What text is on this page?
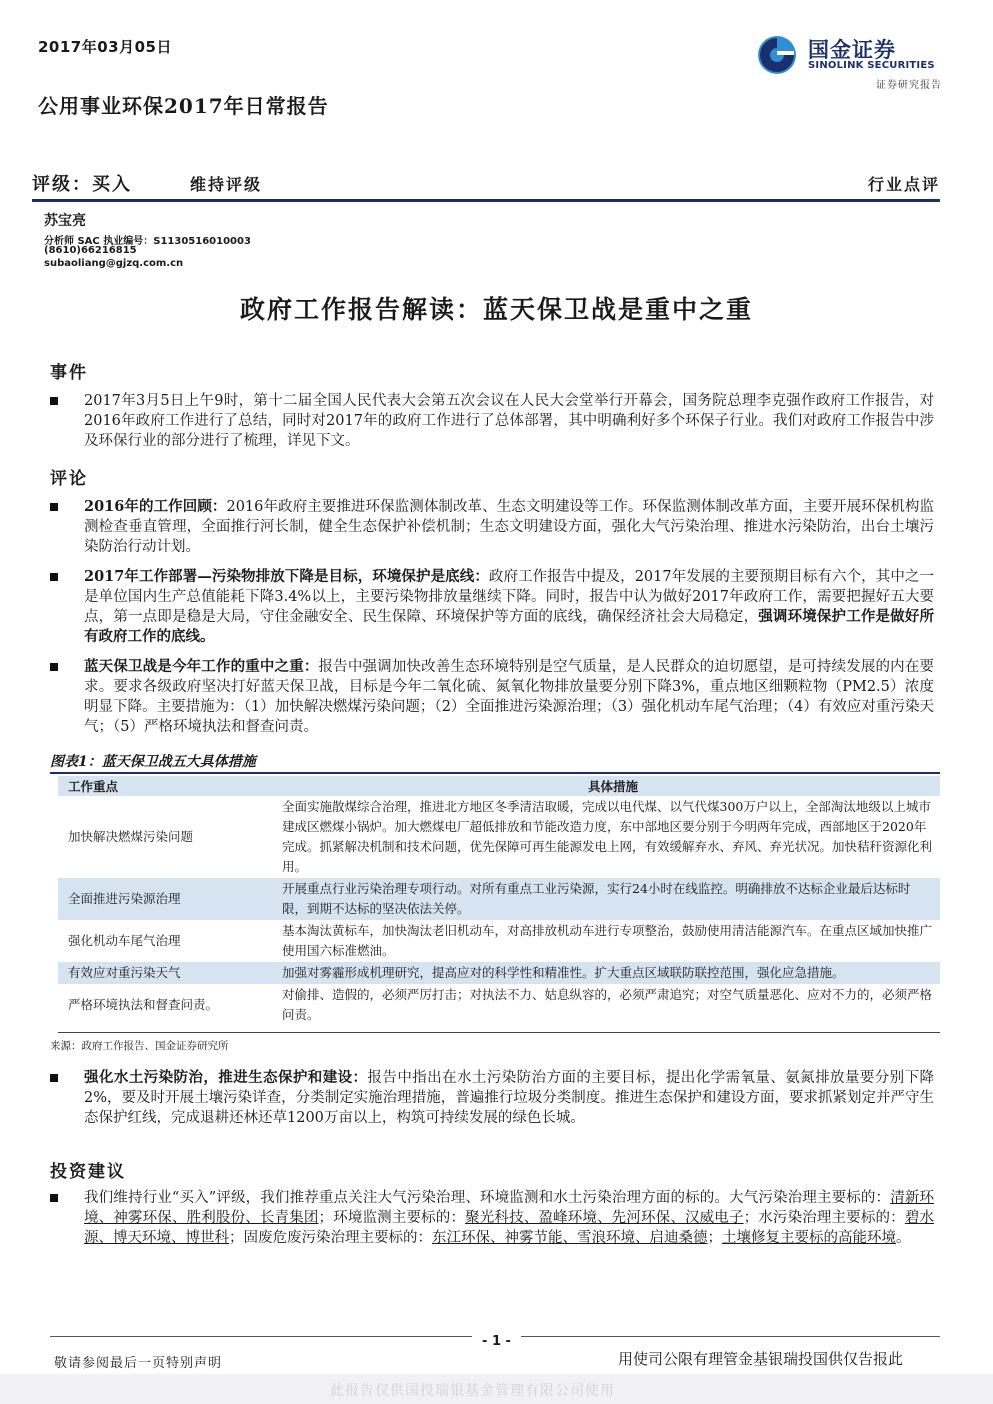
2017年03月05日
公用事业环保2017年日常报告
国金证券
SINOLINK SECURITIES
证券研究报告
评级：买入	维持评级	行业点评
苏宝亮
分析师 SAC 执业编号：S1130516010003
(8610)66216815
subaoliang@gjzq.com.cn
政府工作报告解读：蓝天保卫战是重中之重
事件
2017年3月5日上午9时，第十二届全国人民代表大会第五次会议在人民大会堂举行开幕会，国务院总理李克强作政府工作报告，对2016年政府工作进行了总结，同时对2017年的政府工作进行了总体部署，其中明确利好多个环保子行业。我们对政府工作报告中涉及环保行业的部分进行了梳理，详见下文。
评论
2016年的工作回顾：2016年政府主要推进环保监测体制改革、生态文明建设等工作。环保监测体制改革方面，主要开展环保机构监测检查垂直管理，全面推行河长制，健全生态保护补偿机制；生态文明建设方面，强化大气污染治理、推进水污染防治，出台土壤污染防治行动计划。
2017年工作部署—污染物排放下降是目标，环境保护是底线：政府工作报告中提及，2017年发展的主要预期目标有六个，其中之一是单位国内生产总值能耗下降3.4%以上，主要污染物排放量继续下降。同时，报告中认为做好2017年政府工作，需要把握好五大要点，第一点即是稳是大局，守住金融安全、民生保障、环境保护等方面的底线，确保经济社会大局稳定，强调环境保护工作是做好所有政府工作的底线。
蓝天保卫战是今年工作的重中之重：报告中强调加快改善生态环境特别是空气质量，是人民群众的迫切愿望，是可持续发展的内在要求。要求各级政府坚决打好蓝天保卫战，目标是今年二氧化硫、氮氧化物排放量要分别下降3%，重点地区细颗粒物（PM2.5）浓度明显下降。主要措施为：（1）加快解决燃煤污染问题；（2）全面推进污染源治理；（3）强化机动车尾气治理；（4）有效应对重污染天气；（5）严格环境执法和督查问责。
图表1：蓝天保卫战五大具体措施
工作重点	具体措施
加快解决燃煤污染问题	全面实施散煤综合治理，推进北方地区冬季清洁取暖，完成以电代煤、以气代煤300万户以上，全部淘汰地级以上城市建成区燃煤小锅炉。加大燃煤电厂超低排放和节能改造力度，东中部地区要分别于今明两年完成，西部地区于2020年完成。抓紧解决机制和技术问题，优先保障可再生能源发电上网，有效缓解弃水、弃风、弃光状况。加快秸秆资源化利用。
全面推进污染源治理	开展重点行业污染治理专项行动。对所有重点工业污染源，实行24小时在线监控。明确排放不达标企业最后达标时限，到期不达标的坚决依法关停。
强化机动车尾气治理	基本淘汰黄标车，加快淘汰老旧机动车，对高排放机动车进行专项整治，鼓励使用清洁能源汽车。在重点区域加快推广使用国六标准燃油。
有效应对重污染天气	加强对雾霾形成机理研究，提高应对的科学性和精准性。扩大重点区域联防联控范围，强化应急措施。
严格环境执法和督查问责。	对偷排、造假的，必须严厉打击；对执法不力、姑息纵容的，必须严肃追究；对空气质量恶化、应对不力的，必须严格问责。
来源：政府工作报告、国金证券研究所
强化水土污染防治，推进生态保护和建设：报告中指出在水土污染防治方面的主要目标，提出化学需氧量、氨氮排放量要分别下降2%，要及时开展土壤污染详查，分类制定实施治理措施，普遍推行垃圾分类制度。推进生态保护和建设方面，要求抓紧划定并严守生态保护红线，完成退耕还林还草1200万亩以上，构筑可持续发展的绿色长城。
投资建议
我们维持行业“买入”评级，我们推荐重点关注大气污染治理、环境监测和水土污染治理方面的标的。大气污染治理主要标的：清新环境、神雾环保、胜利股份、长青集团；环境监测主要标的：聚光科技、盈峰环境、先河环保、汉威电子；水污染治理主要标的：碧水源、博天环境、博世科；固废危废污染治理主要标的：东江环保、神雾节能、雪浪环境、启迪桑德；土壤修复主要标的高能环境。
- 1 -
敬请参阅最后一页特别声明	用使司公限有理管金基银瑞投国供仅告报此
此报告仅供国投瑞银基金管理有限公司使用
